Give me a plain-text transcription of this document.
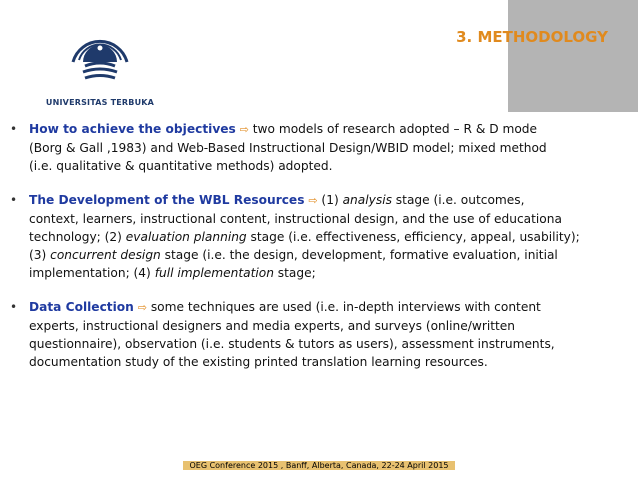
UNIVERSITAS TERBUKA
3. METHODOLOGY
• How to achieve the objectives ⇨ two models of research adopted – R & D mode
(Borg & Gall ,1983) and Web-Based Instructional Design/WBID model; mixed method
(i.e. qualitative & quantitative methods) adopted.
• The Development of the WBL Resources ⇨ (1) analysis stage (i.e. outcomes,
context, learners, instructional content, instructional design, and the use of educationa
technology; (2) evaluation planning stage (i.e. effectiveness, efficiency, appeal, usability);
(3) concurrent design stage (i.e. the design, development, formative evaluation, initial
implementation; (4) full implementation stage;
• Data Collection ⇨ some techniques are used (i.e. in-depth interviews with content
experts, instructional designers and media experts, and surveys (online/written
questionnaire), observation (i.e. students & tutors as users), assessment instruments,
documentation study of the existing printed translation learning resources.
OEG Conference 2015 , Banff, Alberta, Canada, 22-24 April 2015
